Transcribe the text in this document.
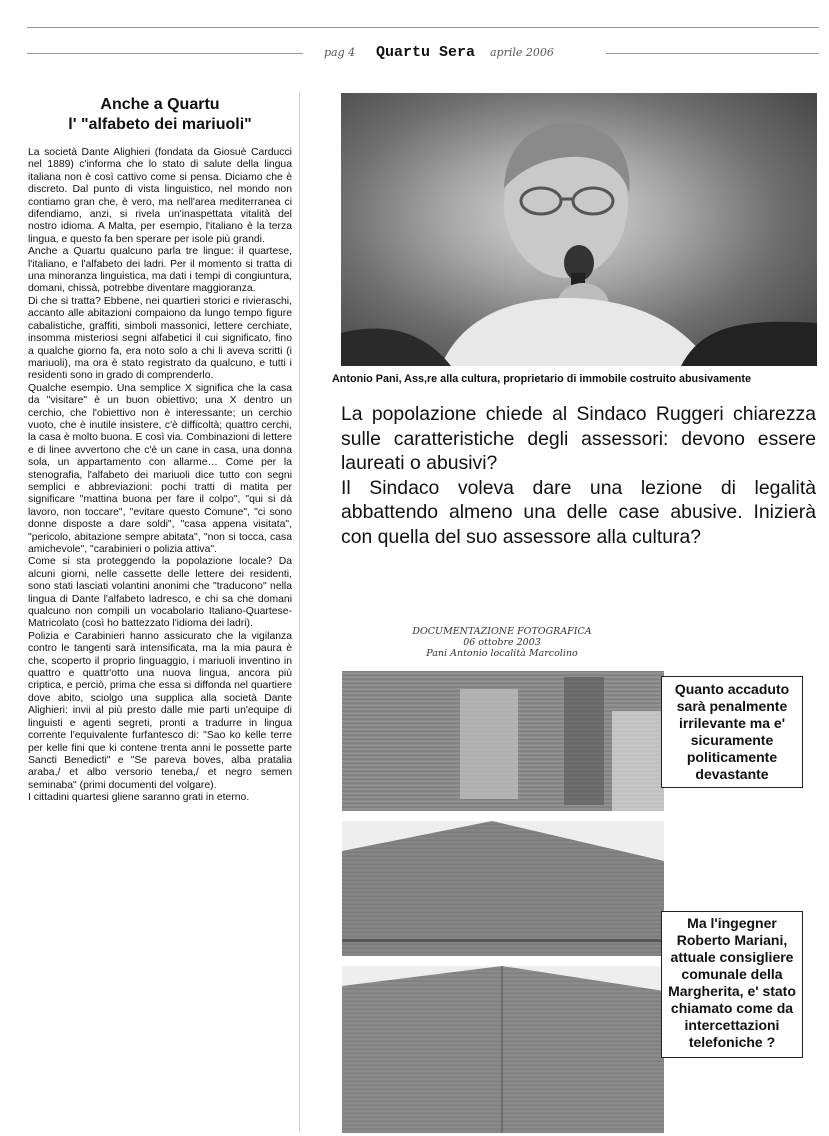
pag 4 Quartu Sera aprile 2006
Anche a Quartu
l' "alfabeto dei mariuoli"

La società Dante Alighieri (fondata da Giosuè Carducci nel 1889) c'informa che lo stato di salute della lingua italiana non è così cattivo come si pensa. Diciamo che è discreto. Dal punto di vista linguistico, nel mondo non contiamo gran che, è vero, ma nell'area mediterranea ci difendiamo, anzi, si rivela un'inaspettata vitalità del nostro idioma. A Malta, per esempio, l'italiano è la terza lingua, e questo fa ben sperare per isole più grandi.

Anche a Quartu qualcuno parla tre lingue: il quartese, l'italiano, e l'alfabeto dei ladri. Per il momento si tratta di una minoranza linguistica, ma dati i tempi di congiuntura, domani, chissà, potrebbe diventare maggioranza.

Di che si tratta? Ebbene, nei quartieri storici e rivieraschi, accanto alle abitazioni compaiono da lungo tempo figure cabalistiche, graffiti, simboli massonici, lettere cerchiate, insomma misteriosi segni alfabetici il cui significato, fino a qualche giorno fa, era noto solo a chi li aveva scritti (i mariuoli), ma ora è stato registrato da qualcuno, e tutti i residenti sono in grado di comprenderlo.

Qualche esempio. Una semplice X significa che la casa da "visitare" è un buon obiettivo; una X dentro un cerchio, che l'obiettivo non è interessante; un cerchio vuoto, che è inutile insistere, c'è difficoltà; quattro cerchi, la casa è molto buona. E così via. Combinazioni di lettere e di linee avvertono che c'è un cane in casa, una donna sola, un appartamento con allarme… Come per la stenografia, l'alfabeto dei mariuoli dice tutto con segni semplici e abbreviazioni: pochi tratti di matita per significare "mattina buona per fare il colpo", "qui si dà lavoro, non toccare", "evitare questo Comune", "ci sono donne disposte a dare soldi", "casa appena visitata", "pericolo, abitazione sempre abitata", "non si tocca, casa amichevole", "carabinieri o polizia attiva".

Come si sta proteggendo la popolazione locale? Da alcuni giorni, nelle cassette delle lettere dei residenti, sono stati lasciati volantini anonimi che "traducono" nella lingua di Dante l'alfabeto ladresco, e chi sa che domani qualcuno non compili un vocabolario Italiano-Quartese-Matricolato (così ho battezzato l'idioma dei ladri).

Polizia e Carabinieri hanno assicurato che la vigilanza contro le tangenti sarà intensificata, ma la mia paura è che, scoperto il proprio linguaggio, i mariuoli inventino in quattro e quattr'otto una nuova lingua, ancora più criptica, e perciò, prima che essa si diffonda nel quartiere dove abito, sciolgo una supplica alla società Dante Alighieri: invii al più presto dalle mie parti un'equipe di linguisti e agenti segreti, pronti a tradurre in lingua corrente l'equivalente furfantesco di: "Sao ko kelle terre per kelle fini que ki contene trenta anni le possette parte Sancti Benedicti" e "Se pareva boves, alba pratalia araba,/ et albo versorio teneba,/ et negro semen seminaba" (primi documenti del volgare).

I cittadini quartesi gliene saranno grati in eterno.

Antonio Pani, Ass,re alla cultura, proprietario di immobile costruito abusivamente
La popolazione chiede al Sindaco Ruggeri chiarezza sulle caratteristiche degli assessori: devono essere laureati o abusivi?
Il Sindaco voleva dare una lezione di legalità abbattendo almeno una delle case abusive. Inizierà con quella del suo assessore alla cultura?
DOCUMENTAZIONE FOTOGRAFICA
06 ottobre 2003
Pani Antonio località Marcolino
Quanto accaduto sarà penalmente irrilevante ma e' sicuramente politicamente devastante
Ma l'ingegner Roberto Mariani, attuale consigliere comunale della Margherita, e' stato chiamato come da intercettazioni telefoniche ?
